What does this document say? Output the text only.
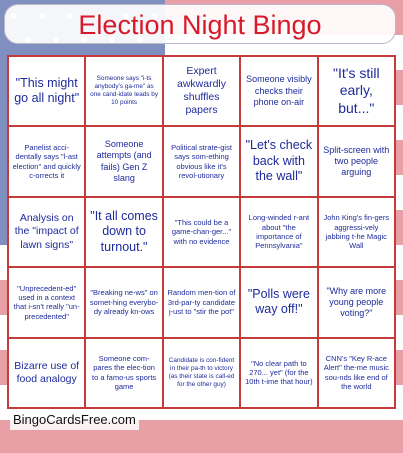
Election Night Bingo
"This might go all night"
Someone says "i-ts anybody's ga-me" as one cand-idate leads by 10 points
Expert awkwardly shuffles papers
Someone visibly checks their phone on-air
"It's still early, but..."
Panelist acci-dentally says "l-ast election" and quickly c-orrects it
Someone attempts (and fails) Gen Z slang
Political strate-gist says som-ething obvious like it's revol-utionary
"Let's check back with the wall"
Split-screen with two people arguing
Analysis on the "impact of lawn signs"
"It all comes down to turnout."
"This could be a game-chan-ger..." with no evidence
Long-winded r-ant about "the importance of Pennsylvania"
John King's fin-gers aggressi-vely jabbing t-he Magic Wall
"Unprecedent-ed" used in a context that i-sn't really "un-precedented"
"Breaking ne-ws" on somet-hing everybo-dy already kn-ows
Random men-tion of 3rd-par-ty candidate j-ust to "stir the pot"
"Polls were way off!"
"Why are more young people voting?"
Bizarre use of food analogy
Someone com-pares the elec-tion to a famo-us sports game
Candidate is con-fident in their pa-th to victory (as their state is call-ed for the other guy)
"No clear path to 270... yet" (for the 10th t-ime that hour)
CNN's "Key R-ace Alert" the-me music sou-nds like end of the world
BingoCardsFree.com
